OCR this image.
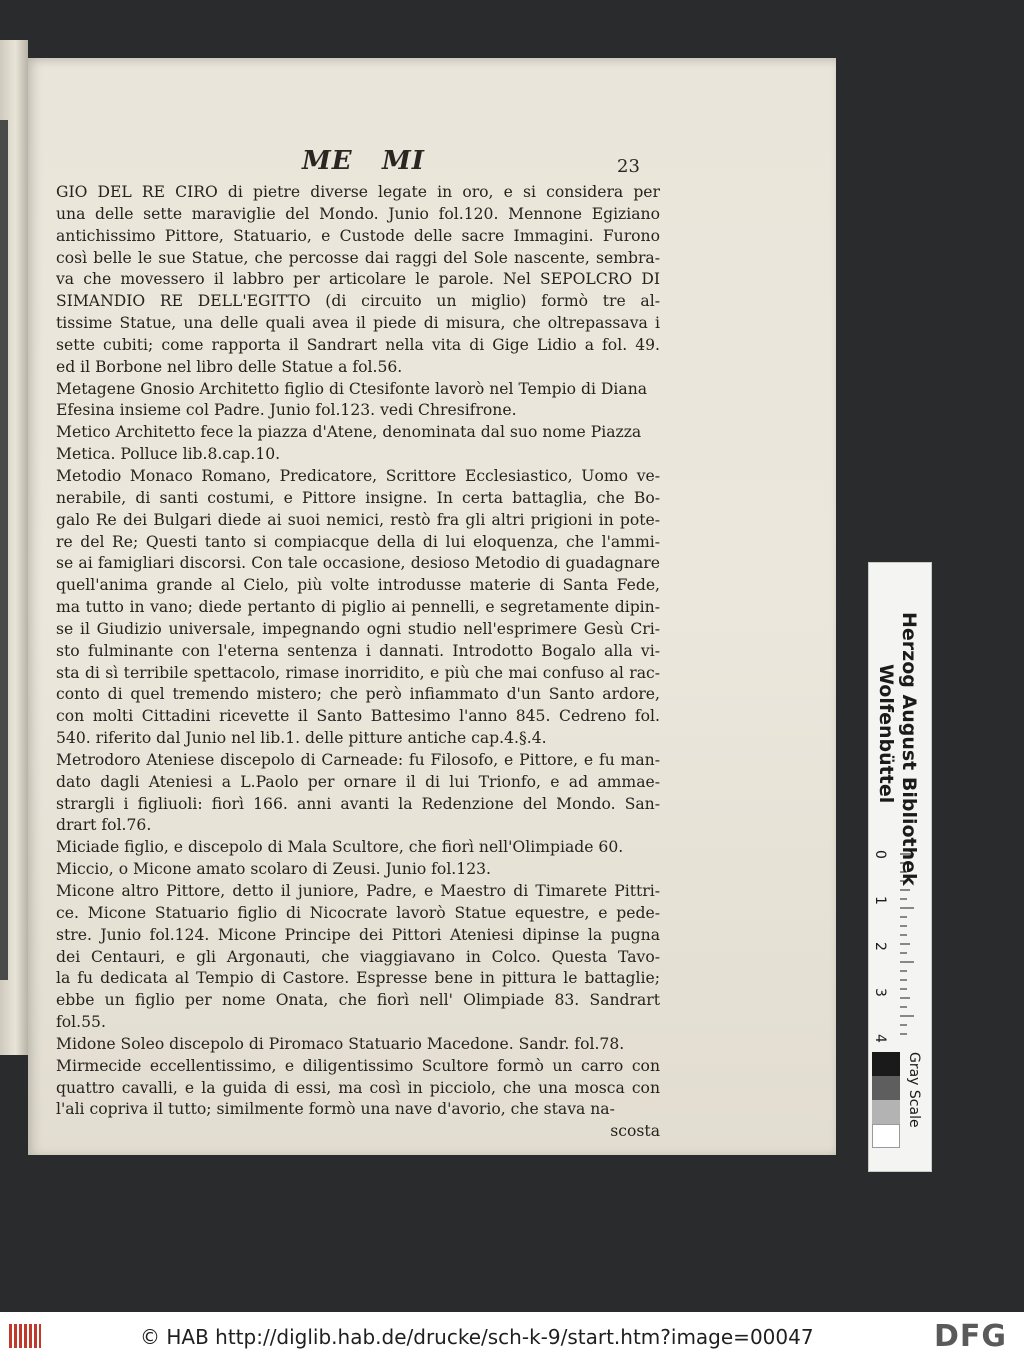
ME MI	23
GIO DEL RE CIRO di pietre diverse legate in oro, e si considera per
una delle sette maraviglie del Mondo. Junio fol.120. Mennone Egiziano
antichissimo Pittore, Statuario, e Custode delle sacre Immagini. Furono
così belle le sue Statue, che percosse dai raggi del Sole nascente, sembra-
va che movessero il labbro per articolare le parole. Nel SEPOLCRO DI
SIMANDIO RE DELL'EGITTO (di circuito un miglio) formò tre al-
tissime Statue, una delle quali avea il piede di misura, che oltrepassava i
sette cubiti; come rapporta il Sandrart nella vita di Gige Lidio a fol. 49.
ed il Borbone nel libro delle Statue a fol.56.
Metagene Gnosio Architetto figlio di Ctesifonte lavorò nel Tempio di Diana
Efesina insieme col Padre. Junio fol.123. vedi Chresifrone.
Metico Architetto fece la piazza d'Atene, denominata dal suo nome Piazza
Metica. Polluce lib.8.cap.10.
Metodio Monaco Romano, Predicatore, Scrittore Ecclesiastico, Uomo ve-
nerabile, di santi costumi, e Pittore insigne. In certa battaglia, che Bo-
galo Re dei Bulgari diede ai suoi nemici, restò fra gli altri prigioni in pote-
re del Re; Questi tanto si compiacque della di lui eloquenza, che l'ammi-
se ai famigliari discorsi. Con tale occasione, desioso Metodio di guadagnare
quell'anima grande al Cielo, più volte introdusse materie di Santa Fede,
ma tutto in vano; diede pertanto di piglio ai pennelli, e segretamente dipin-
se il Giudizio universale, impegnando ogni studio nell'esprimere Gesù Cri-
sto fulminante con l'eterna sentenza i dannati. Introdotto Bogalo alla vi-
sta di sì terribile spettacolo, rimase inorridito, e più che mai confuso al rac-
conto di quel tremendo mistero; che però infiammato d'un Santo ardore,
con molti Cittadini ricevette il Santo Battesimo l'anno 845. Cedreno fol.
540. riferito dal Junio nel lib.1. delle pitture antiche cap.4.§.4.
Metrodoro Ateniese discepolo di Carneade: fu Filosofo, e Pittore, e fu man-
dato dagli Ateniesi a L.Paolo per ornare il di lui Trionfo, e ad ammae-
strargli i figliuoli: fiorì 166. anni avanti la Redenzione del Mondo. San-
drart fol.76.
Miciade figlio, e discepolo di Mala Scultore, che fiorì nell'Olimpiade 60.
Miccio, o Micone amato scolaro di Zeusi. Junio fol.123.
Micone altro Pittore, detto il juniore, Padre, e Maestro di Timarete Pittri-
ce. Micone Statuario figlio di Nicocrate lavorò Statue equestre, e pede-
stre. Junio fol.124. Micone Principe dei Pittori Ateniesi dipinse la pugna
dei Centauri, e gli Argonauti, che viaggiavano in Colco. Questa Tavo-
la fu dedicata al Tempio di Castore. Espresse bene in pittura le battaglie;
ebbe un figlio per nome Onata, che fiorì nell' Olimpiade 83. Sandrart
fol.55.
Midone Soleo discepolo di Piromaco Statuario Macedone. Sandr. fol.78.
Mirmecide eccellentissimo, e diligentissimo Scultore formò un carro con
quattro cavalli, e la guida di essi, ma così in picciolo, che una mosca con
l'ali copriva il tutto; similmente formò una nave d'avorio, che stava na-
scosta
Herzog August Bibliothek
Wolfenbüttel
0
1
2
3
4
Gray Scale
© HAB http://diglib.hab.de/drucke/sch-k-9/start.htm?image=00047	DFG
